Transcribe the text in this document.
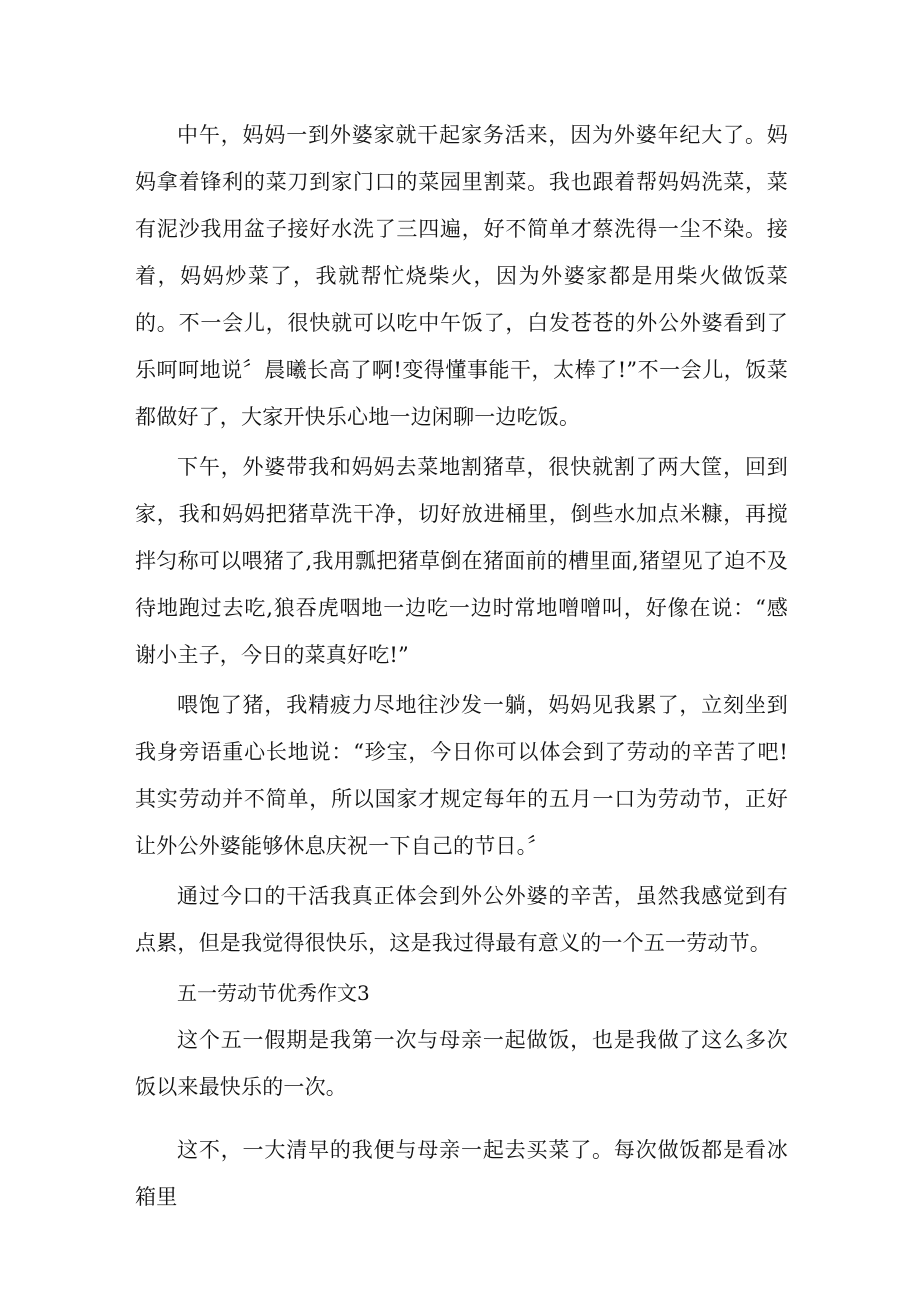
中午，妈妈一到外婆家就干起家务活来，因为外婆年纪大了。妈妈拿着锋利的菜刀到家门口的菜园里割菜。我也跟着帮妈妈洗菜，菜有泥沙我用盆子接好水洗了三四遍，好不简单才蔡洗得一尘不染。接着，妈妈炒菜了，我就帮忙烧柴火，因为外婆家都是用柴火做饭菜的。不一会儿，很快就可以吃中午饭了，白发苍苍的外公外婆看到了乐呵呵地说〞晨曦长高了啊!变得懂事能干，太棒了!”不一会儿，饭菜都做好了，大家开快乐心地一边闲聊一边吃饭。

下午，外婆带我和妈妈去菜地割猪草，很快就割了两大筐，回到家，我和妈妈把猪草洗干净，切好放进桶里，倒些水加点米糠，再搅拌匀称可以喂猪了,我用瓢把猪草倒在猪面前的槽里面,猪望见了迫不及待地跑过去吃,狼吞虎咽地一边吃一边时常地噌噌叫，好像在说：“感谢小主子，今日的菜真好吃!”

喂饱了猪，我精疲力尽地往沙发一躺，妈妈见我累了，立刻坐到我身旁语重心长地说：“珍宝，今日你可以体会到了劳动的辛苦了吧!其实劳动并不简单，所以国家才规定每年的五月一口为劳动节，正好让外公外婆能够休息庆祝一下自己的节日。〞

通过今口的干活我真正体会到外公外婆的辛苦，虽然我感觉到有点累，但是我觉得很快乐，这是我过得最有意义的一个五一劳动节。

五一劳动节优秀作文3

这个五一假期是我第一次与母亲一起做饭，也是我做了这么多次饭以来最快乐的一次。

这不，一大清早的我便与母亲一起去买菜了。每次做饭都是看冰箱里
